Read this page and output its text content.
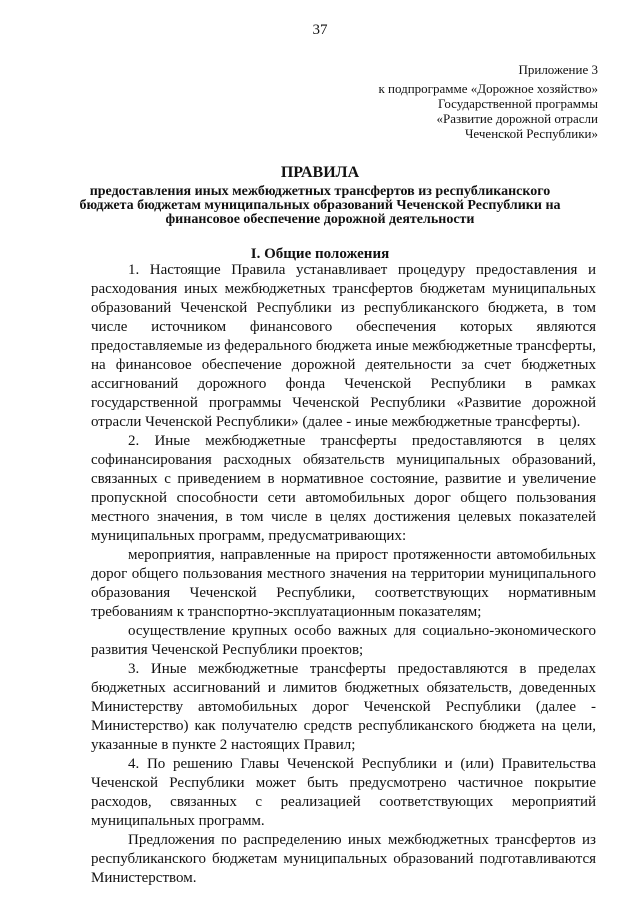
37
Приложение 3
к подпрограмме «Дорожное хозяйство»
Государственной программы
«Развитие дорожной отрасли
Чеченской Республики»
ПРАВИЛА
предоставления иных межбюджетных трансфертов из республиканского бюджета бюджетам муниципальных образований Чеченской Республики на финансовое обеспечение дорожной деятельности
I. Общие положения

1. Настоящие Правила устанавливает процедуру предоставления и расходования иных межбюджетных трансфертов бюджетам муниципальных образований Чеченской Республики из республиканского бюджета, в том числе источником финансового обеспечения которых являются предоставляемые из федерального бюджета иные межбюджетные трансферты, на финансовое обеспечение дорожной деятельности за счет бюджетных ассигнований дорожного фонда Чеченской Республики в рамках государственной программы Чеченской Республики «Развитие дорожной отрасли Чеченской Республики» (далее - иные межбюджетные трансферты).

2. Иные межбюджетные трансферты предоставляются в целях софинансирования расходных обязательств муниципальных образований, связанных с приведением в нормативное состояние, развитие и увеличение пропускной способности сети автомобильных дорог общего пользования местного значения, в том числе в целях достижения целевых показателей муниципальных программ, предусматривающих:

мероприятия, направленные на прирост протяженности автомобильных дорог общего пользования местного значения на территории муниципального образования Чеченской Республики, соответствующих нормативным требованиям к транспортно-эксплуатационным показателям;

осуществление крупных особо важных для социально-экономического развития Чеченской Республики проектов;

3. Иные межбюджетные трансферты предоставляются в пределах бюджетных ассигнований и лимитов бюджетных обязательств, доведенных Министерству автомобильных дорог Чеченской Республики (далее - Министерство) как получателю средств республиканского бюджета на цели, указанные в пункте 2 настоящих Правил;

4. По решению Главы Чеченской Республики и (или) Правительства Чеченской Республики может быть предусмотрено частичное покрытие расходов, связанных с реализацией соответствующих мероприятий муниципальных программ.

Предложения по распределению иных межбюджетных трансфертов из республиканского бюджетам муниципальных образований подготавливаются Министерством.
